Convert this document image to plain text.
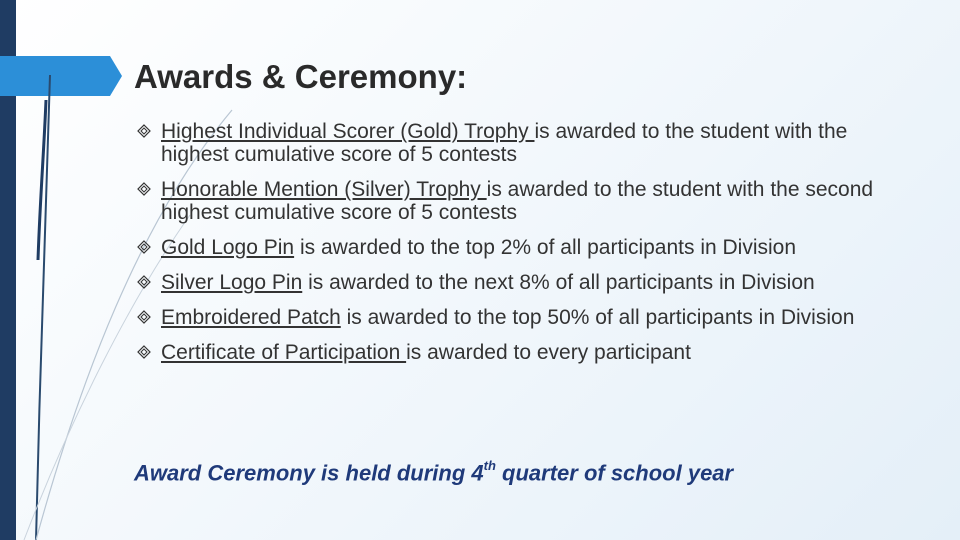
Awards & Ceremony:
Highest Individual Scorer (Gold) Trophy is awarded to the student with the highest cumulative score of 5 contests
Honorable Mention (Silver) Trophy is awarded to the student with the second highest cumulative score of 5 contests
Gold Logo Pin is awarded to the top 2% of all participants in Division
Silver Logo Pin is awarded to the next 8% of all participants in Division
Embroidered Patch is awarded to the top 50% of all participants in Division
Certificate of Participation is awarded to every participant

Award Ceremony is held during 4th quarter of school year
